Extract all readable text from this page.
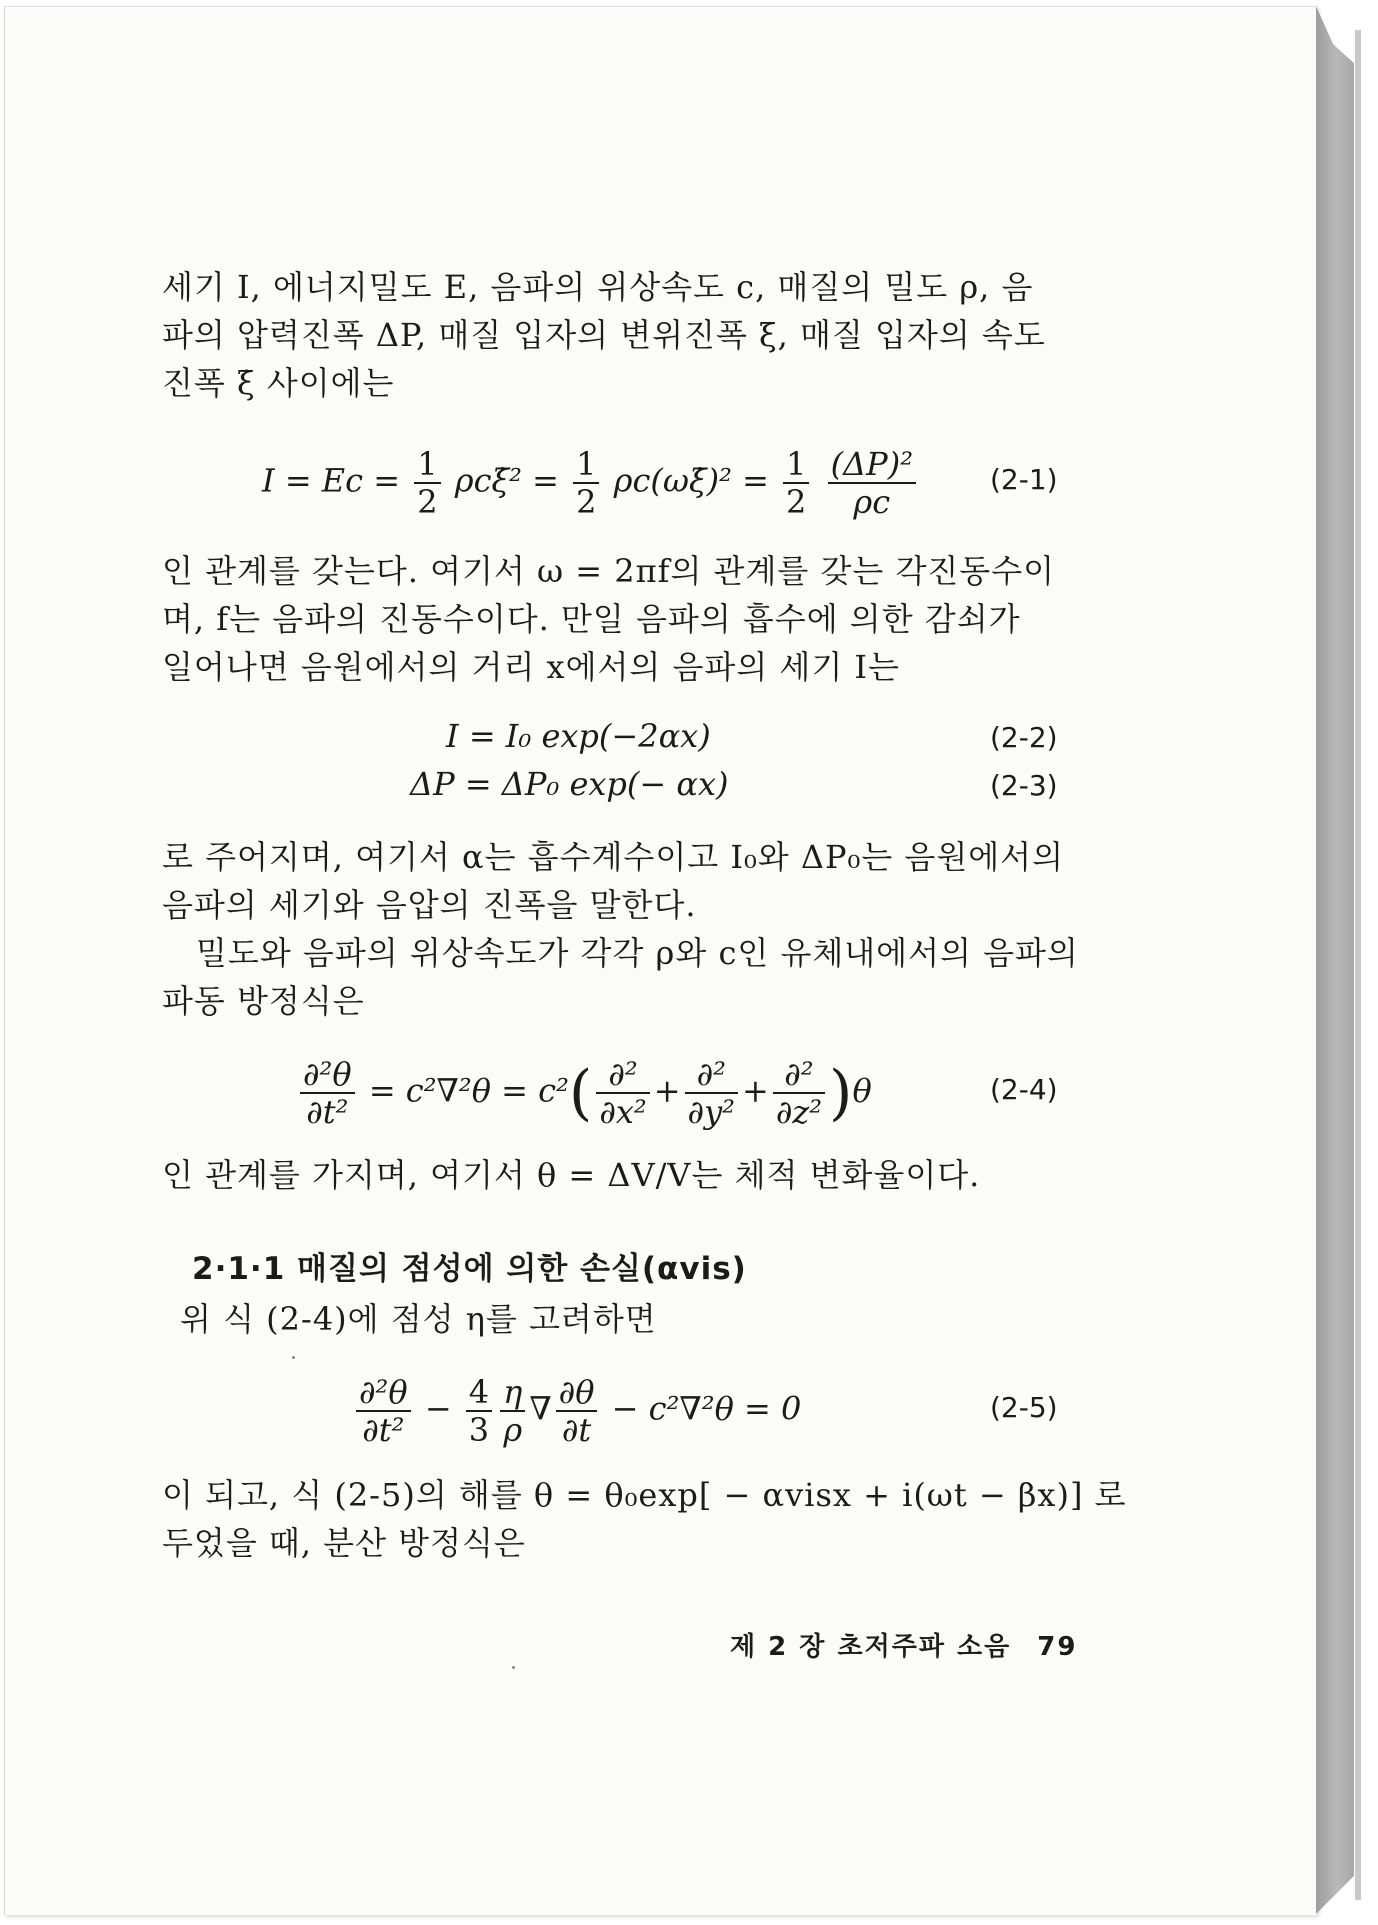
세기 I, 에너지밀도 E, 음파의 위상속도 c, 매질의 밀도 ρ, 음
파의 압력진폭 ΔP, 매질 입자의 변위진폭 ξ, 매질 입자의 속도
진폭 ξ̇ 사이에는
$I = Ec = \frac{1}{2}$ ρcξ̇² = $\frac{1}{2}$ ρc(ωξ̇)² = $\frac{1}{2}$
$\frac{\text{(ΔP)²}}{\rho c}$	(2-1)
인 관계를 갖는다. 여기서 ω = 2πf의 관계를 갖는 각진동수이
며, f는 음파의 진동수이다. 만일 음파의 흡수에 의한 감쇠가
일어나면 음원에서의 거리 x에서의 음파의 세기 I는
I = I₀ exp(−2αx)	(2-2)
ΔP = ΔP₀ exp(− αx)	(2-3)
로 주어지며, 여기서 α는 흡수계수이고 I₀와 ΔP₀는 음원에서의
음파의 세기와 음압의 진폭을 말한다.
밀도와 음파의 위상속도가 각각 ρ와 c인 유체내에서의 음파의
파동 방정식은
$\frac{\text{∂²θ}}{\text{∂t²}} = c^2\nabla^2\theta = c^2( \frac{\text{∂²}}{\text{∂x²}} + \frac{\text{∂²}}{\text{∂y²}} + \frac{\text{∂²}}{\text{∂z²}} )\theta$	(2-4)
인 관계를 가지며, 여기서 θ = ΔV/V는 체적 변화율이다.
2·1·1 매질의 점성에 의한 손실(αvis)
위 식 (2-4)에 점성 η를 고려하면
$\frac{\text{∂²θ}}{\text{∂t²}} - \frac{4}{3} \frac{\eta}{\rho}$ ∇ $\frac{\partial\theta}{\partial t} - c^2\nabla^2\theta = 0$	(2-5)
이 되고, 식 (2-5)의 해를 θ = θ₀exp[ − αvisx + i(ωt − βx)] 로
두었을 때, 분산 방정식은
제 2 장 초저주파 소음 79
